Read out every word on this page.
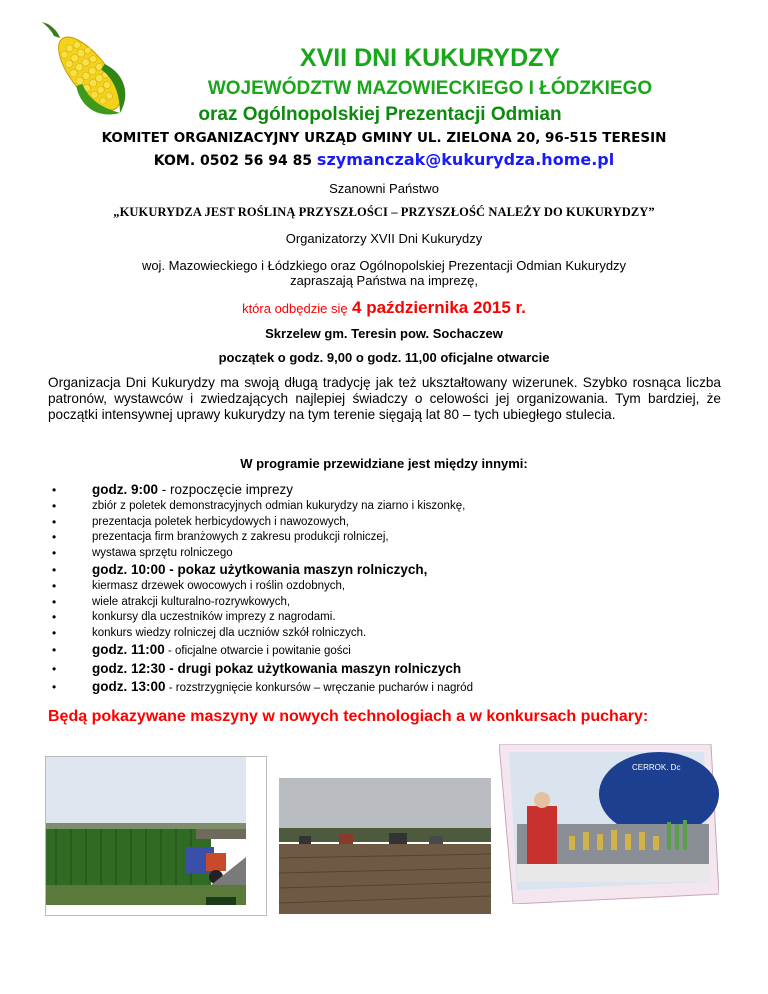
XVII DNI KUKURYDZY
WOJEWÓDZTW MAZOWIECKIEGO I ŁÓDZKIEGO
oraz Ogólnopolskiej Prezentacji Odmian
KOMITET ORGANIZACYJNY URZĄD GMINY UL. ZIELONA 20, 96-515 TERESIN
KOM. 0502 56 94 85 szymanczak@kukurydza.home.pl
Szanowni Państwo
„KUKURYDZA JEST ROŚLINĄ PRZYSZŁOŚCI – PRZYSZŁOŚĆ NALEŻY DO KUKURYDZY”
Organizatorzy XVII Dni Kukurydzy
woj. Mazowieckiego i Łódzkiego oraz Ogólnopolskiej Prezentacji Odmian Kukurydzy
zapraszają Państwa na imprezę,
która odbędzie się 4 października 2015 r.
Skrzelew gm. Teresin pow. Sochaczew
początek o godz. 9,00 o godz. 11,00 oficjalne otwarcie
Organizacja Dni Kukurydzy ma swoją długą tradycję jak też ukształtowany wizerunek. Szybko rosnąca liczba patronów, wystawców i zwiedzających najlepiej świadczy o celowości jej organizowania. Tym bardziej, że początki intensywnej uprawy kukurydzy na tym terenie sięgają lat 80 – tych ubiegłego stulecia.
W programie przewidziane jest między innymi:
• godz. 9:00 - rozpoczęcie imprezy
• zbiór z poletek demonstracyjnych odmian kukurydzy na ziarno i kiszonkę,
• prezentacja poletek herbicydowych i nawozowych,
• prezentacja firm branżowych z zakresu produkcji rolniczej,
• wystawa sprzętu rolniczego
• godz. 10:00 - pokaz użytkowania maszyn rolniczych,
• kiermasz drzewek owocowych i roślin ozdobnych,
• wiele atrakcji kulturalno-rozrywkowych,
• konkursy dla uczestników imprezy z nagrodami.
• konkurs wiedzy rolniczej dla uczniów szkół rolniczych.
• godz. 11:00 - oficjalne otwarcie i powitanie gości
• godz. 12:30 - drugi pokaz użytkowania maszyn rolniczych
• godz. 13:00 - rozstrzygnięcie konkursów – wręczanie pucharów i nagród
Będą pokazywane maszyny w nowych technologiach a w konkursach puchary:
CERROK. Dc
